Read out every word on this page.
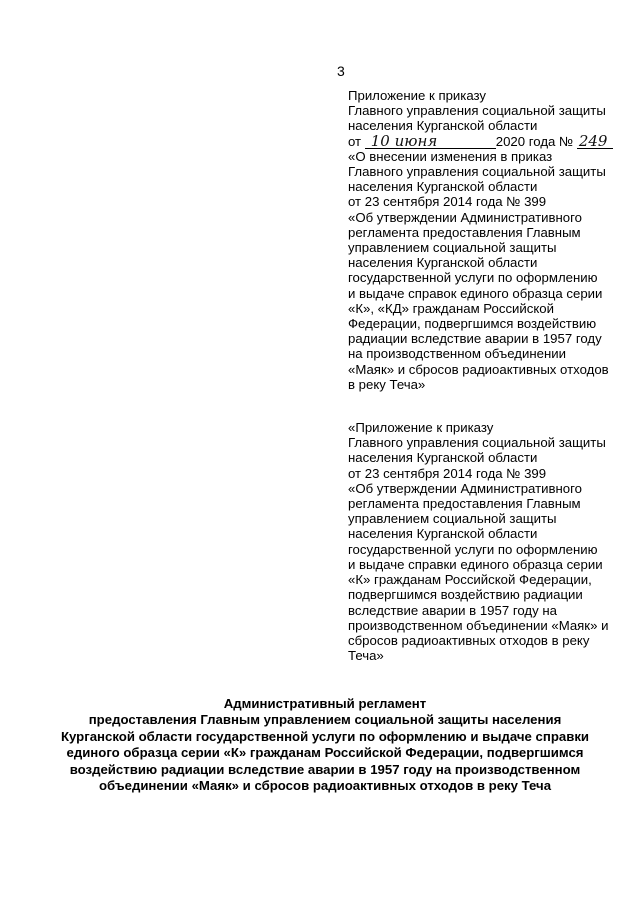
3
Приложение к приказу
Главного управления социальной защиты
населения Курганской области
от 10 июня	2020 года № 249
«О внесении изменения в приказ
Главного управления социальной защиты
населения Курганской области
от 23 сентября 2014 года № 399
«Об утверждении Административного
регламента предоставления Главным
управлением социальной защиты
населения Курганской области
государственной услуги по оформлению
и выдаче справок единого образца серии
«К», «КД» гражданам Российской
Федерации, подвергшимся воздействию
радиации вследствие аварии в 1957 году
на производственном объединении
«Маяк» и сбросов радиоактивных отходов
в реку Теча»
«Приложение к приказу
Главного управления социальной защиты
населения Курганской области
от 23 сентября 2014 года № 399
«Об утверждении Административного
регламента предоставления Главным
управлением социальной защиты
населения Курганской области
государственной услуги по оформлению
и выдаче справки единого образца серии
«К» гражданам Российской Федерации,
подвергшимся воздействию радиации
вследствие аварии в 1957 году на
производственном объединении «Маяк» и
сбросов радиоактивных отходов в реку
Теча»
Административный регламент
предоставления Главным управлением социальной защиты населения
Курганской области государственной услуги по оформлению и выдаче справки
единого образца серии «К» гражданам Российской Федерации, подвергшимся
воздействию радиации вследствие аварии в 1957 году на производственном
объединении «Маяк» и сбросов радиоактивных отходов в реку Теча
